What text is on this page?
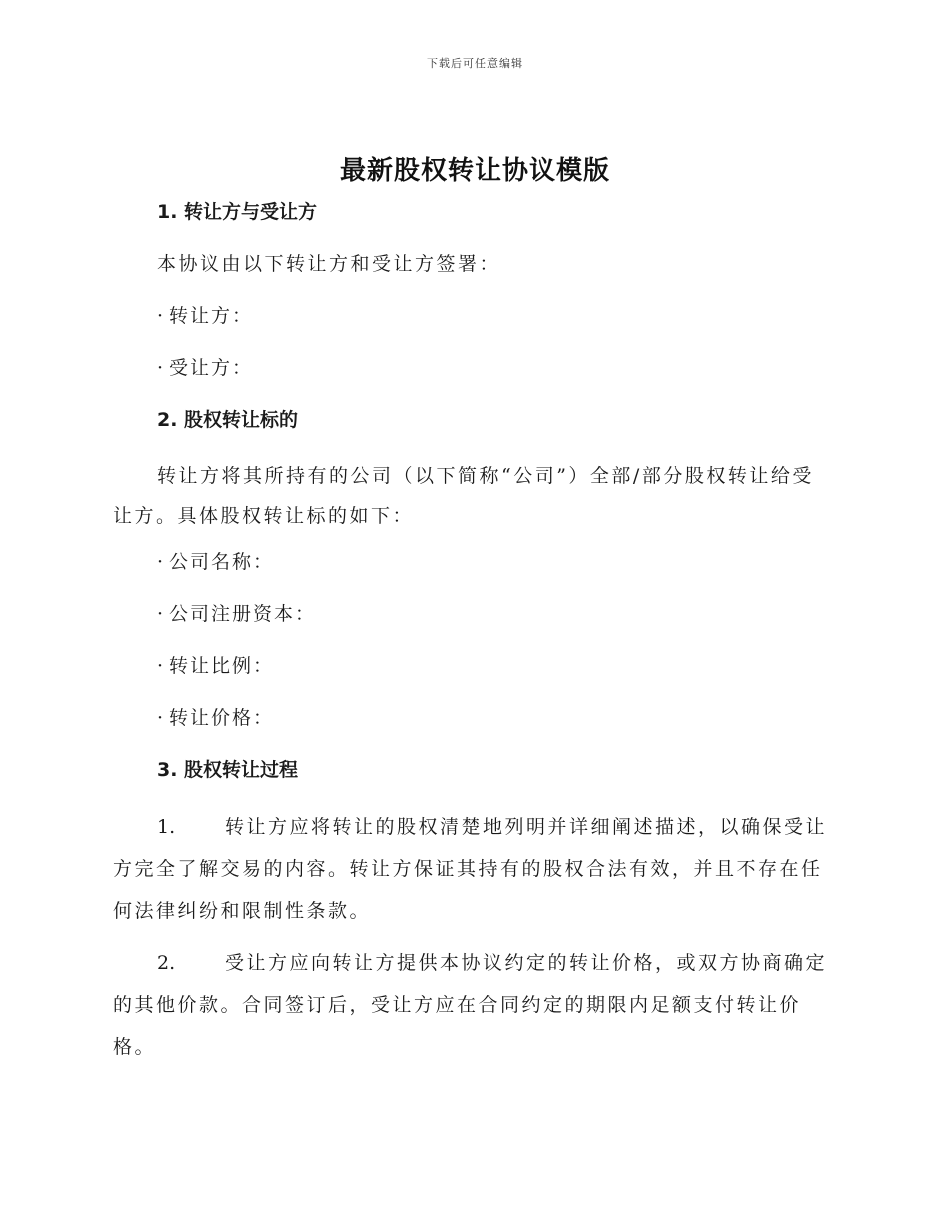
下载后可任意编辑
最新股权转让协议模版
1. 转让方与受让方

本协议由以下转让方和受让方签署：

· 转让方：
· 受让方：
2. 股权转让标的

转让方将其所持有的公司（以下简称“公司”）全部/部分股权转让给受让方。具体股权转让标的如下：

· 公司名称：
· 公司注册资本：
· 转让比例：
· 转让价格：
3. 股权转让过程

1.	转让方应将转让的股权清楚地列明并详细阐述描述，以确保受让方完全了解交易的内容。转让方保证其持有的股权合法有效，并且不存在任何法律纠纷和限制性条款。

2.	受让方应向转让方提供本协议约定的转让价格，或双方协商确定的其他价款。合同签订后，受让方应在合同约定的期限内足额支付转让价格。
